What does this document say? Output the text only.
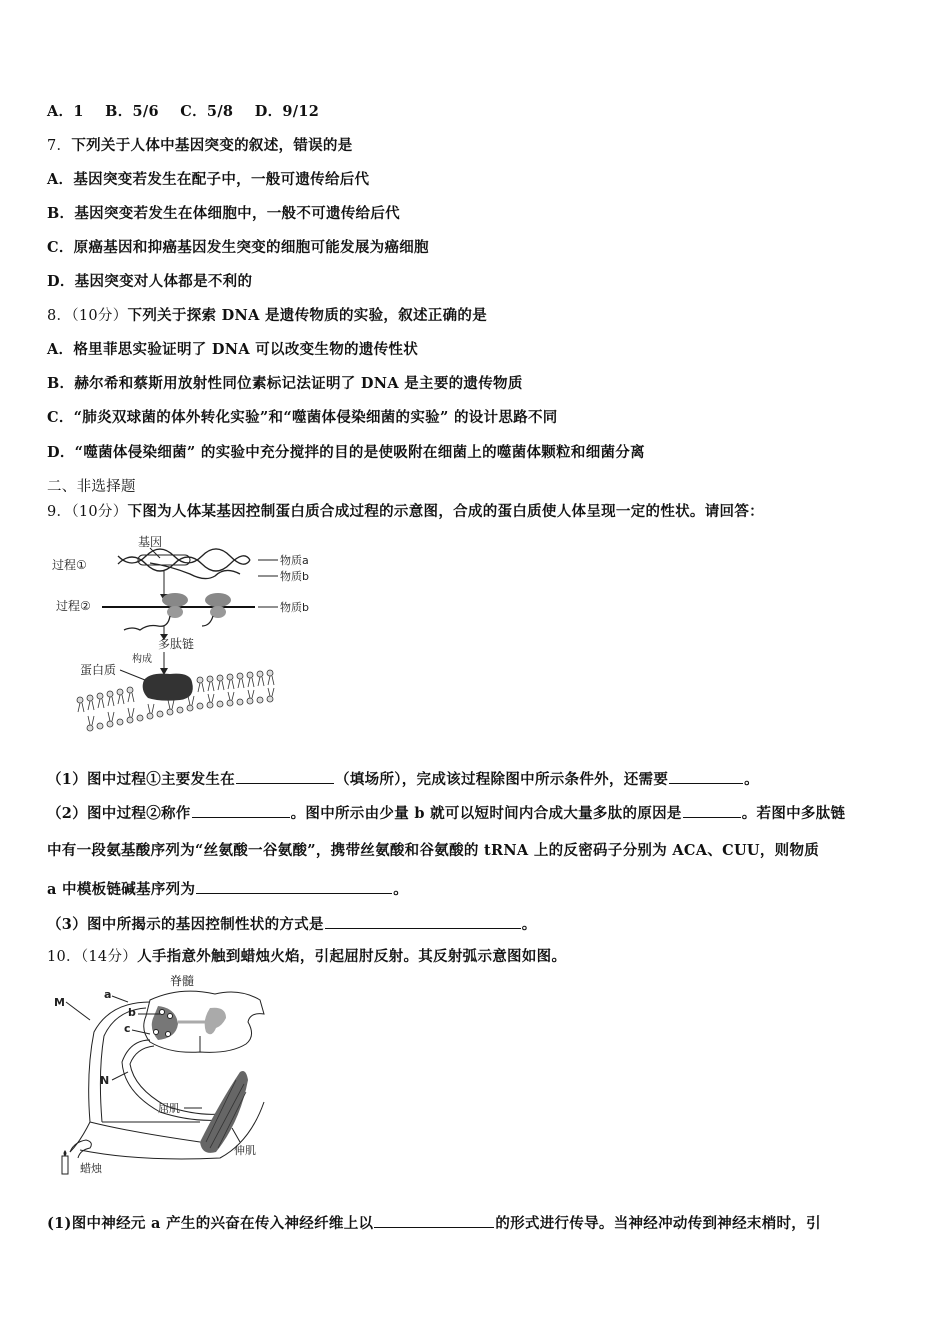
A．1 B．5/6 C．5/8 D．9/12
7．下列关于人体中基因突变的叙述，错误的是
A．基因突变若发生在配子中，一般可遗传给后代
B．基因突变若发生在体细胞中，一般不可遗传给后代
C．原癌基因和抑癌基因发生突变的细胞可能发展为癌细胞
D．基因突变对人体都是不利的
8．（10分）下列关于探索 DNA 是遗传物质的实验，叙述正确的是
A．格里菲思实验证明了 DNA 可以改变生物的遗传性状
B．赫尔希和蔡斯用放射性同位素标记法证明了 DNA 是主要的遗传物质
C．“肺炎双球菌的体外转化实验”和“噬菌体侵染细菌的实验” 的设计思路不同
D．“噬菌体侵染细菌” 的实验中充分搅拌的目的是使吸附在细菌上的噬菌体颗粒和细菌分离
二、非选择题
9．（10分）下图为人体某基因控制蛋白质合成过程的示意图，合成的蛋白质使人体呈现一定的性状。请回答：
基因
过程①	物质a
物质b
过程②	物质b
多肽链
构成
蛋白质
（1）图中过程①主要发生在	（填场所），完成该过程除图中所示条件外，还需要	。
（2）图中过程②称作	。图中所示由少量 b 就可以短时间内合成大量多肽的原因是	。若图中多肽链
中有一段氨基酸序列为“丝氨酸一谷氨酸”，携带丝氨酸和谷氨酸的 tRNA 上的反密码子分别为 ACA、CUU，则物质
a 中模板链碱基序列为	。
（3）图中所揭示的基因控制性状的方式是	。
10．（14分）人手指意外触到蜡烛火焰，引起屈肘反射。其反射弧示意图如图。
脊髓
a
b
c
M
N
屈肌
伸肌
蜡烛
(1)图中神经元 a 产生的兴奋在传入神经纤维上以	的形式进行传导。当神经冲动传到神经末梢时，引
